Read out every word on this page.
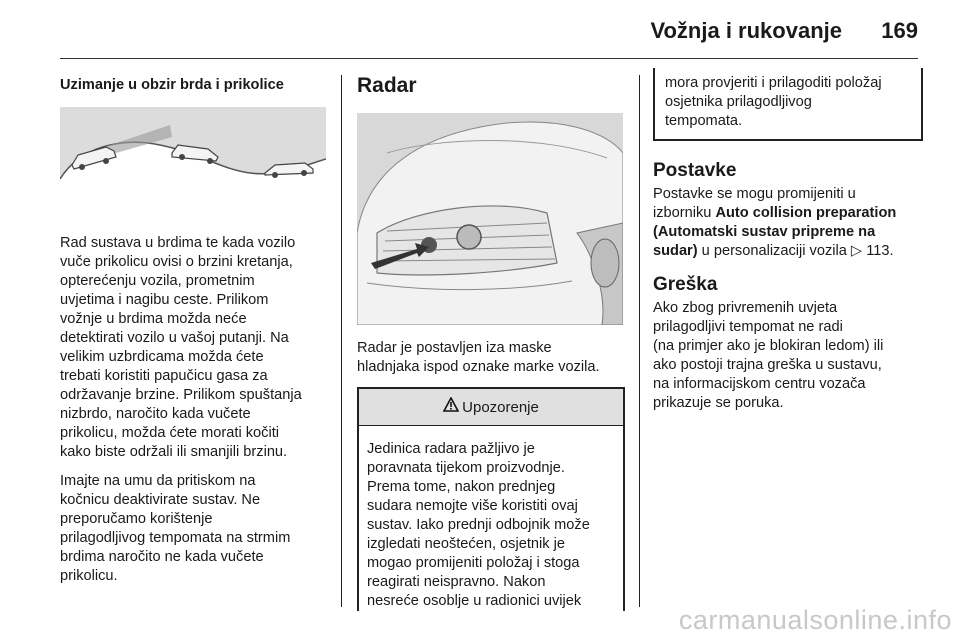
Vožnja i rukovanje 169
Uzimanje u obzir brda i prikolice

Rad sustava u brdima te kada vozilo
vuče prikolicu ovisi o brzini kretanja,
opterećenju vozila, prometnim
uvjetima i nagibu ceste. Prilikom
vožnje u brdima možda neće
detektirati vozilo u vašoj putanji. Na
velikim uzbrdicama možda ćete
trebati koristiti papučicu gasa za
održavanje brzine. Prilikom spuštanja
nizbrdo, naročito kada vučete
prikolicu, možda ćete morati kočiti
kako biste održali ili smanjili brzinu.

Imajte na umu da pritiskom na
kočnicu deaktivirate sustav. Ne
preporučamo korištenje
prilagodljivog tempomata na strmim
brdima naročito ne kada vučete
prikolicu.

Radar

Radar je postavljen iza maske
hladnjaka ispod oznake marke vozila.

Upozorenje
Jedinica radara pažljivo je
poravnata tijekom proizvodnje.
Prema tome, nakon prednjeg
sudara nemojte više koristiti ovaj
sustav. Iako prednji odbojnik može
izgledati neoštećen, osjetnik je
mogao promijeniti položaj i stoga
reagirati neispravno. Nakon
nesreće osoblje u radionici uvijek
mora provjeriti i prilagoditi položaj
osjetnika prilagodljivog
tempomata.
Postavke

Postavke se mogu promijeniti u
izborniku Auto collision preparation
(Automatski sustav pripreme na
sudar) u personalizaciji vozila ▷ 113.

Greška

Ako zbog privremenih uvjeta
prilagodljivi tempomat ne radi
(na primjer ako je blokiran ledom) ili
ako postoji trajna greška u sustavu,
na informacijskom centru vozača
prikazuje se poruka.

carmanualsonline.info
